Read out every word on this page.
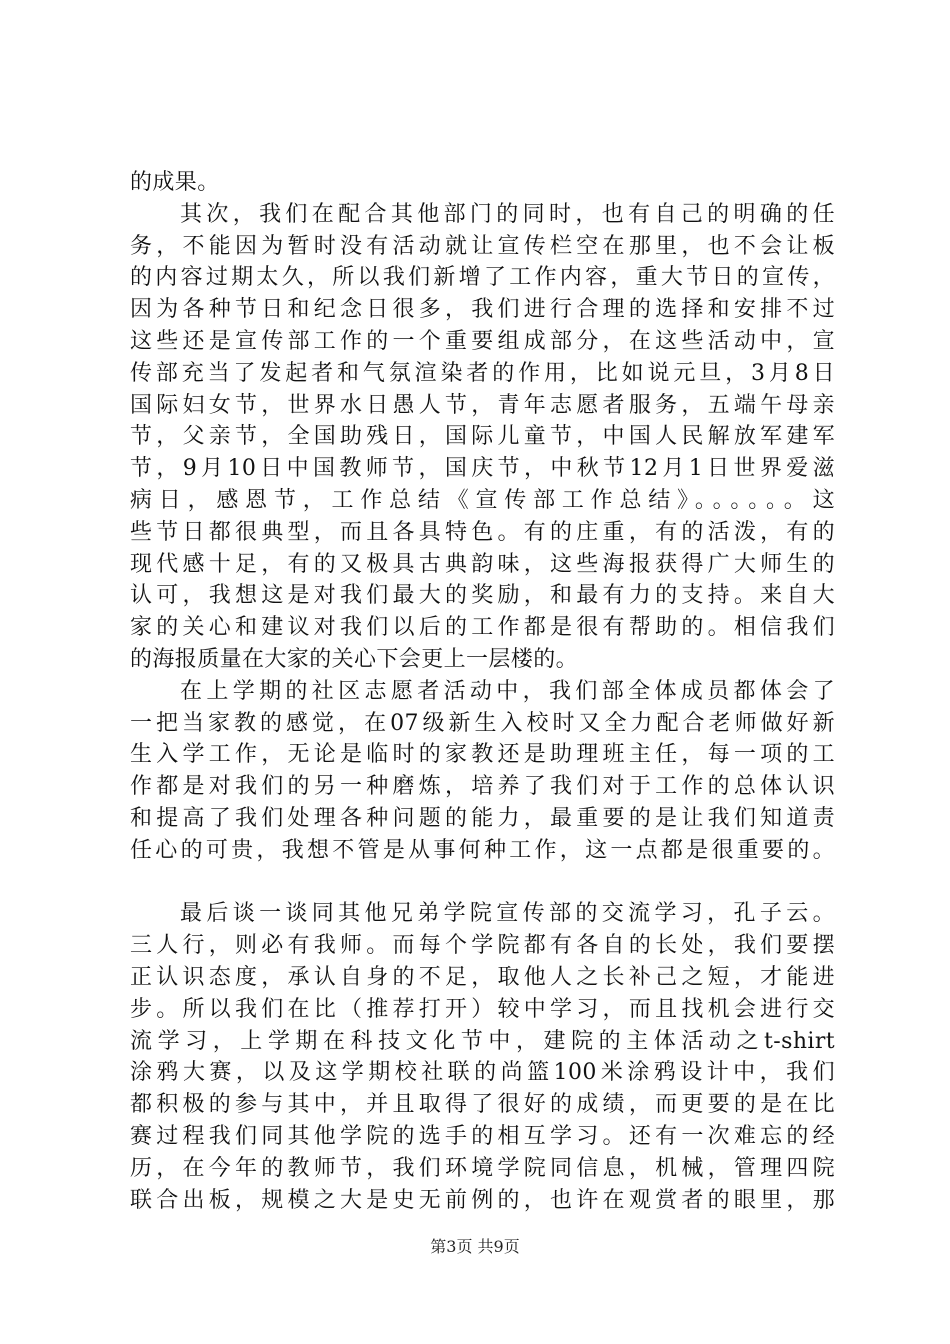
的成果。
其次，我们在配合其他部门的同时，也有自己的明确的任
务，不能因为暂时没有活动就让宣传栏空在那里，也不会让板
的内容过期太久，所以我们新增了工作内容，重大节日的宣传，
因为各种节日和纪念日很多，我们进行合理的选择和安排不过
这些还是宣传部工作的一个重要组成部分，在这些活动中，宣
传部充当了发起者和气氛渲染者的作用，比如说元旦，3月8日
国际妇女节，世界水日愚人节，青年志愿者服务，五端午母亲
节，父亲节，全国助残日，国际儿童节，中国人民解放军建军
节，9月10日中国教师节，国庆节，中秋节12月1日世界爱滋
病日，感恩节，工作总结《宣传部工作总结》。。。。。。这
些节日都很典型，而且各具特色。有的庄重，有的活泼，有的
现代感十足，有的又极具古典韵味，这些海报获得广大师生的
认可，我想这是对我们最大的奖励，和最有力的支持。来自大
家的关心和建议对我们以后的工作都是很有帮助的。相信我们
的海报质量在大家的关心下会更上一层楼的。
在上学期的社区志愿者活动中，我们部全体成员都体会了
一把当家教的感觉，在07级新生入校时又全力配合老师做好新
生入学工作，无论是临时的家教还是助理班主任，每一项的工
作都是对我们的另一种磨炼，培养了我们对于工作的总体认识
和提高了我们处理各种问题的能力，最重要的是让我们知道责
任心的可贵，我想不管是从事何种工作，这一点都是很重要的。
最后谈一谈同其他兄弟学院宣传部的交流学习，孔子云。
三人行，则必有我师。而每个学院都有各自的长处，我们要摆
正认识态度，承认自身的不足，取他人之长补己之短，才能进
步。所以我们在比（推荐打开）较中学习，而且找机会进行交
流学习，上学期在科技文化节中，建院的主体活动之t-shirt
涂鸦大赛，以及这学期校社联的尚篮100米涂鸦设计中，我们
都积极的参与其中，并且取得了很好的成绩，而更要的是在比
赛过程我们同其他学院的选手的相互学习。还有一次难忘的经
历，在今年的教师节，我们环境学院同信息，机械，管理四院
联合出板，规模之大是史无前例的，也许在观赏者的眼里，那
第3页 共9页
